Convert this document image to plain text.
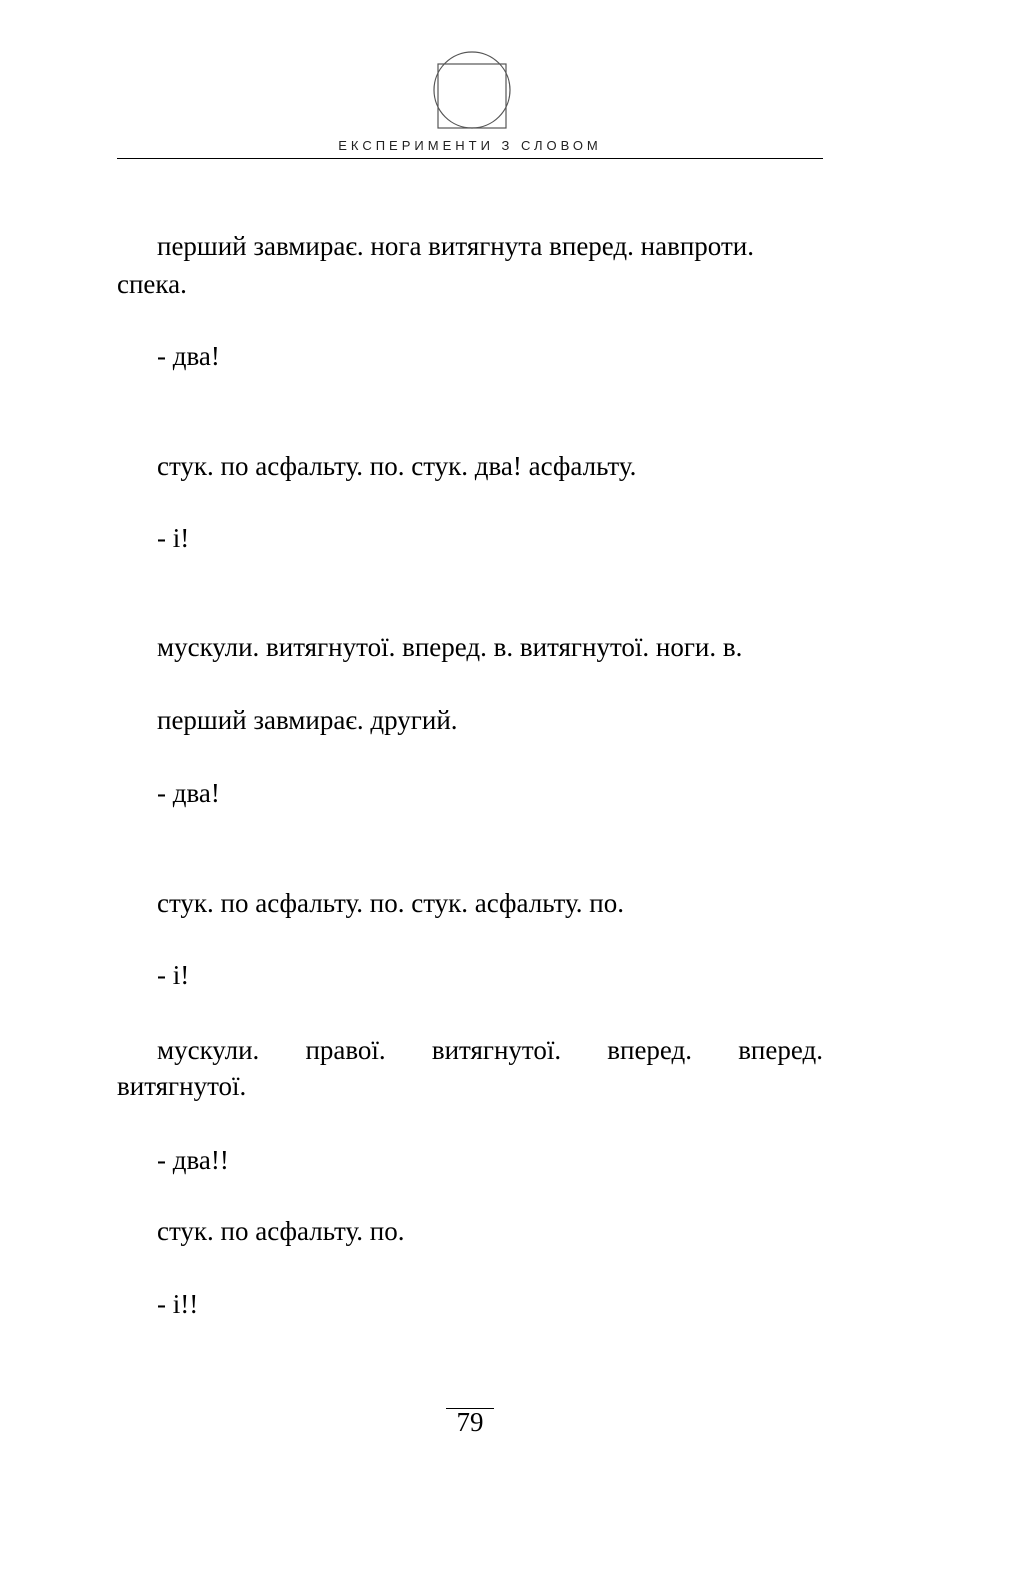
ЕКСПЕРИМЕНТИ З СЛОВОМ

перший завмирає. нога витягнута вперед. навпроти.

спека.

- два!

стук. по асфальту. по. стук. два! асфальту.

- і!

мускули. витягнутої. вперед. в. витягнутої. ноги. в.

перший завмирає. другий.

- два!

стук. по асфальту. по. стук. асфальту. по.

- і!

мускули. правої. витягнутої. вперед. вперед.

витягнутої.

- два!!

стук. по асфальту. по.

- і!!

79
